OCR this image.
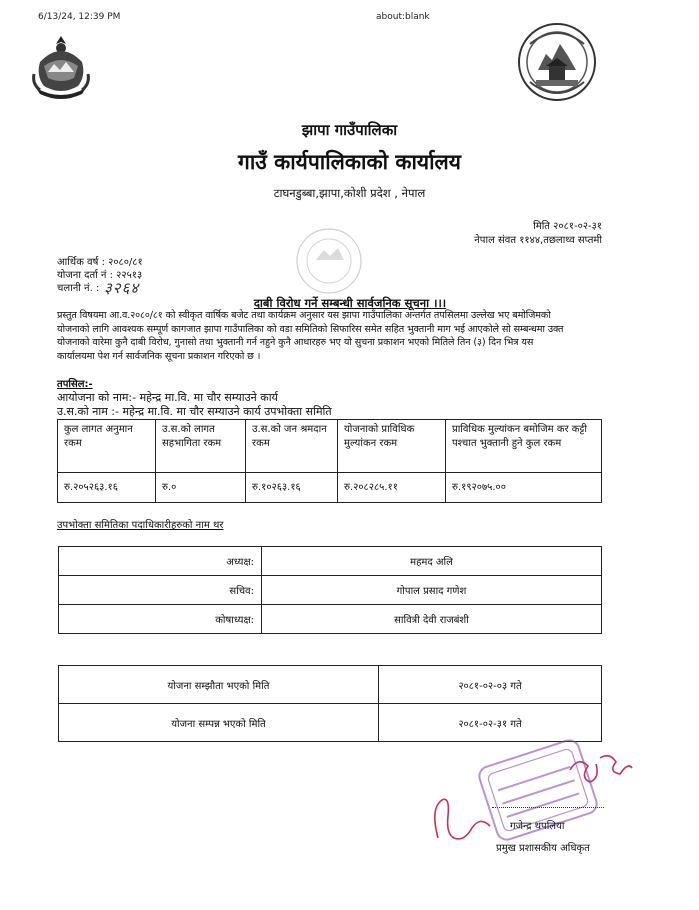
6/13/24, 12:39 PM	about:blank
झापा गाउँपालिका
गाउँ कार्यपालिकाको कार्यालय
टाघनडुब्बा,झापा,कोशी प्रदेश , नेपाल
मिति २०८१-०२-३१
नेपाल संवत ११४४,तछलाथ्व सप्तमी
आर्थिक वर्ष : २०८०/८१
योजना दर्ता नं : २२५१३
चलानी नं. : ३२६४
दाबी विरोध गर्ने सम्बन्धी सार्वजनिक सूचना ।।।
प्रस्तुत विषयमा आ.व.२०८०/८१ को स्वीकृत वार्षिक बजेट तथा कार्यक्रम अनुसार यस झापा गाउँपालिका अन्तर्गत तपसिलमा उल्लेख भए बमोजिमको
योजनाको लागि आवश्यक सम्पूर्ण कागजात झापा गाउँपालिका को वडा समितिको सिफारिस समेत सहित भुक्तानी माग भई आएकोले सो सम्बन्धमा उक्त
योजनाको वारेमा कुनै दाबी विरोध, गुनासो तथा भुक्तानी गर्न नहुने कुनै आधारहरु भए यो सुचना प्रकाशन भएको मितिले तिन (३) दिन भित्र यस
कार्यालयमा पेश गर्न सार्वजनिक सूचना प्रकाशन गरिएको छ ।
तपसिल:-
आयोजना को नाम:- महेन्द्र मा.वि. मा चौर सम्याउने कार्य
उ.स.को नाम :- महेन्द्र मा.वि. मा चौर सम्याउने कार्य उपभोक्ता समिति
कुल लागत अनुमान रकम	उ.स.को लागत सहभागिता रकम	उ.स.को जन श्रमदान रकम	योजनाको प्राविधिक मुल्यांकन रकम	प्राविधिक मुल्यांकन बमोजिम कर कट्टी पश्चात भुक्तानी हुने कुल रकम
रु.२०५२६३.१६	रु.०	रु.१०२६३.१६	रु.२०८२८५.११	रु.१९२०७५.००
उपभोक्ता समितिका पदाधिकारीहरुको नाम थर
अध्यक्ष:	महमद अलि
सचिव:	गोपाल प्रसाद गणेश
कोषाध्यक्ष:	सावित्री देवी राजबंशी
योजना सम्झौता भएको मिति	२०८१-०२-०३ गते
योजना सम्पन्न भएको मिति	२०८१-०२-३१ गते
गजेन्द्र थपलिया
प्रमुख प्रशासकीय अधिकृत
